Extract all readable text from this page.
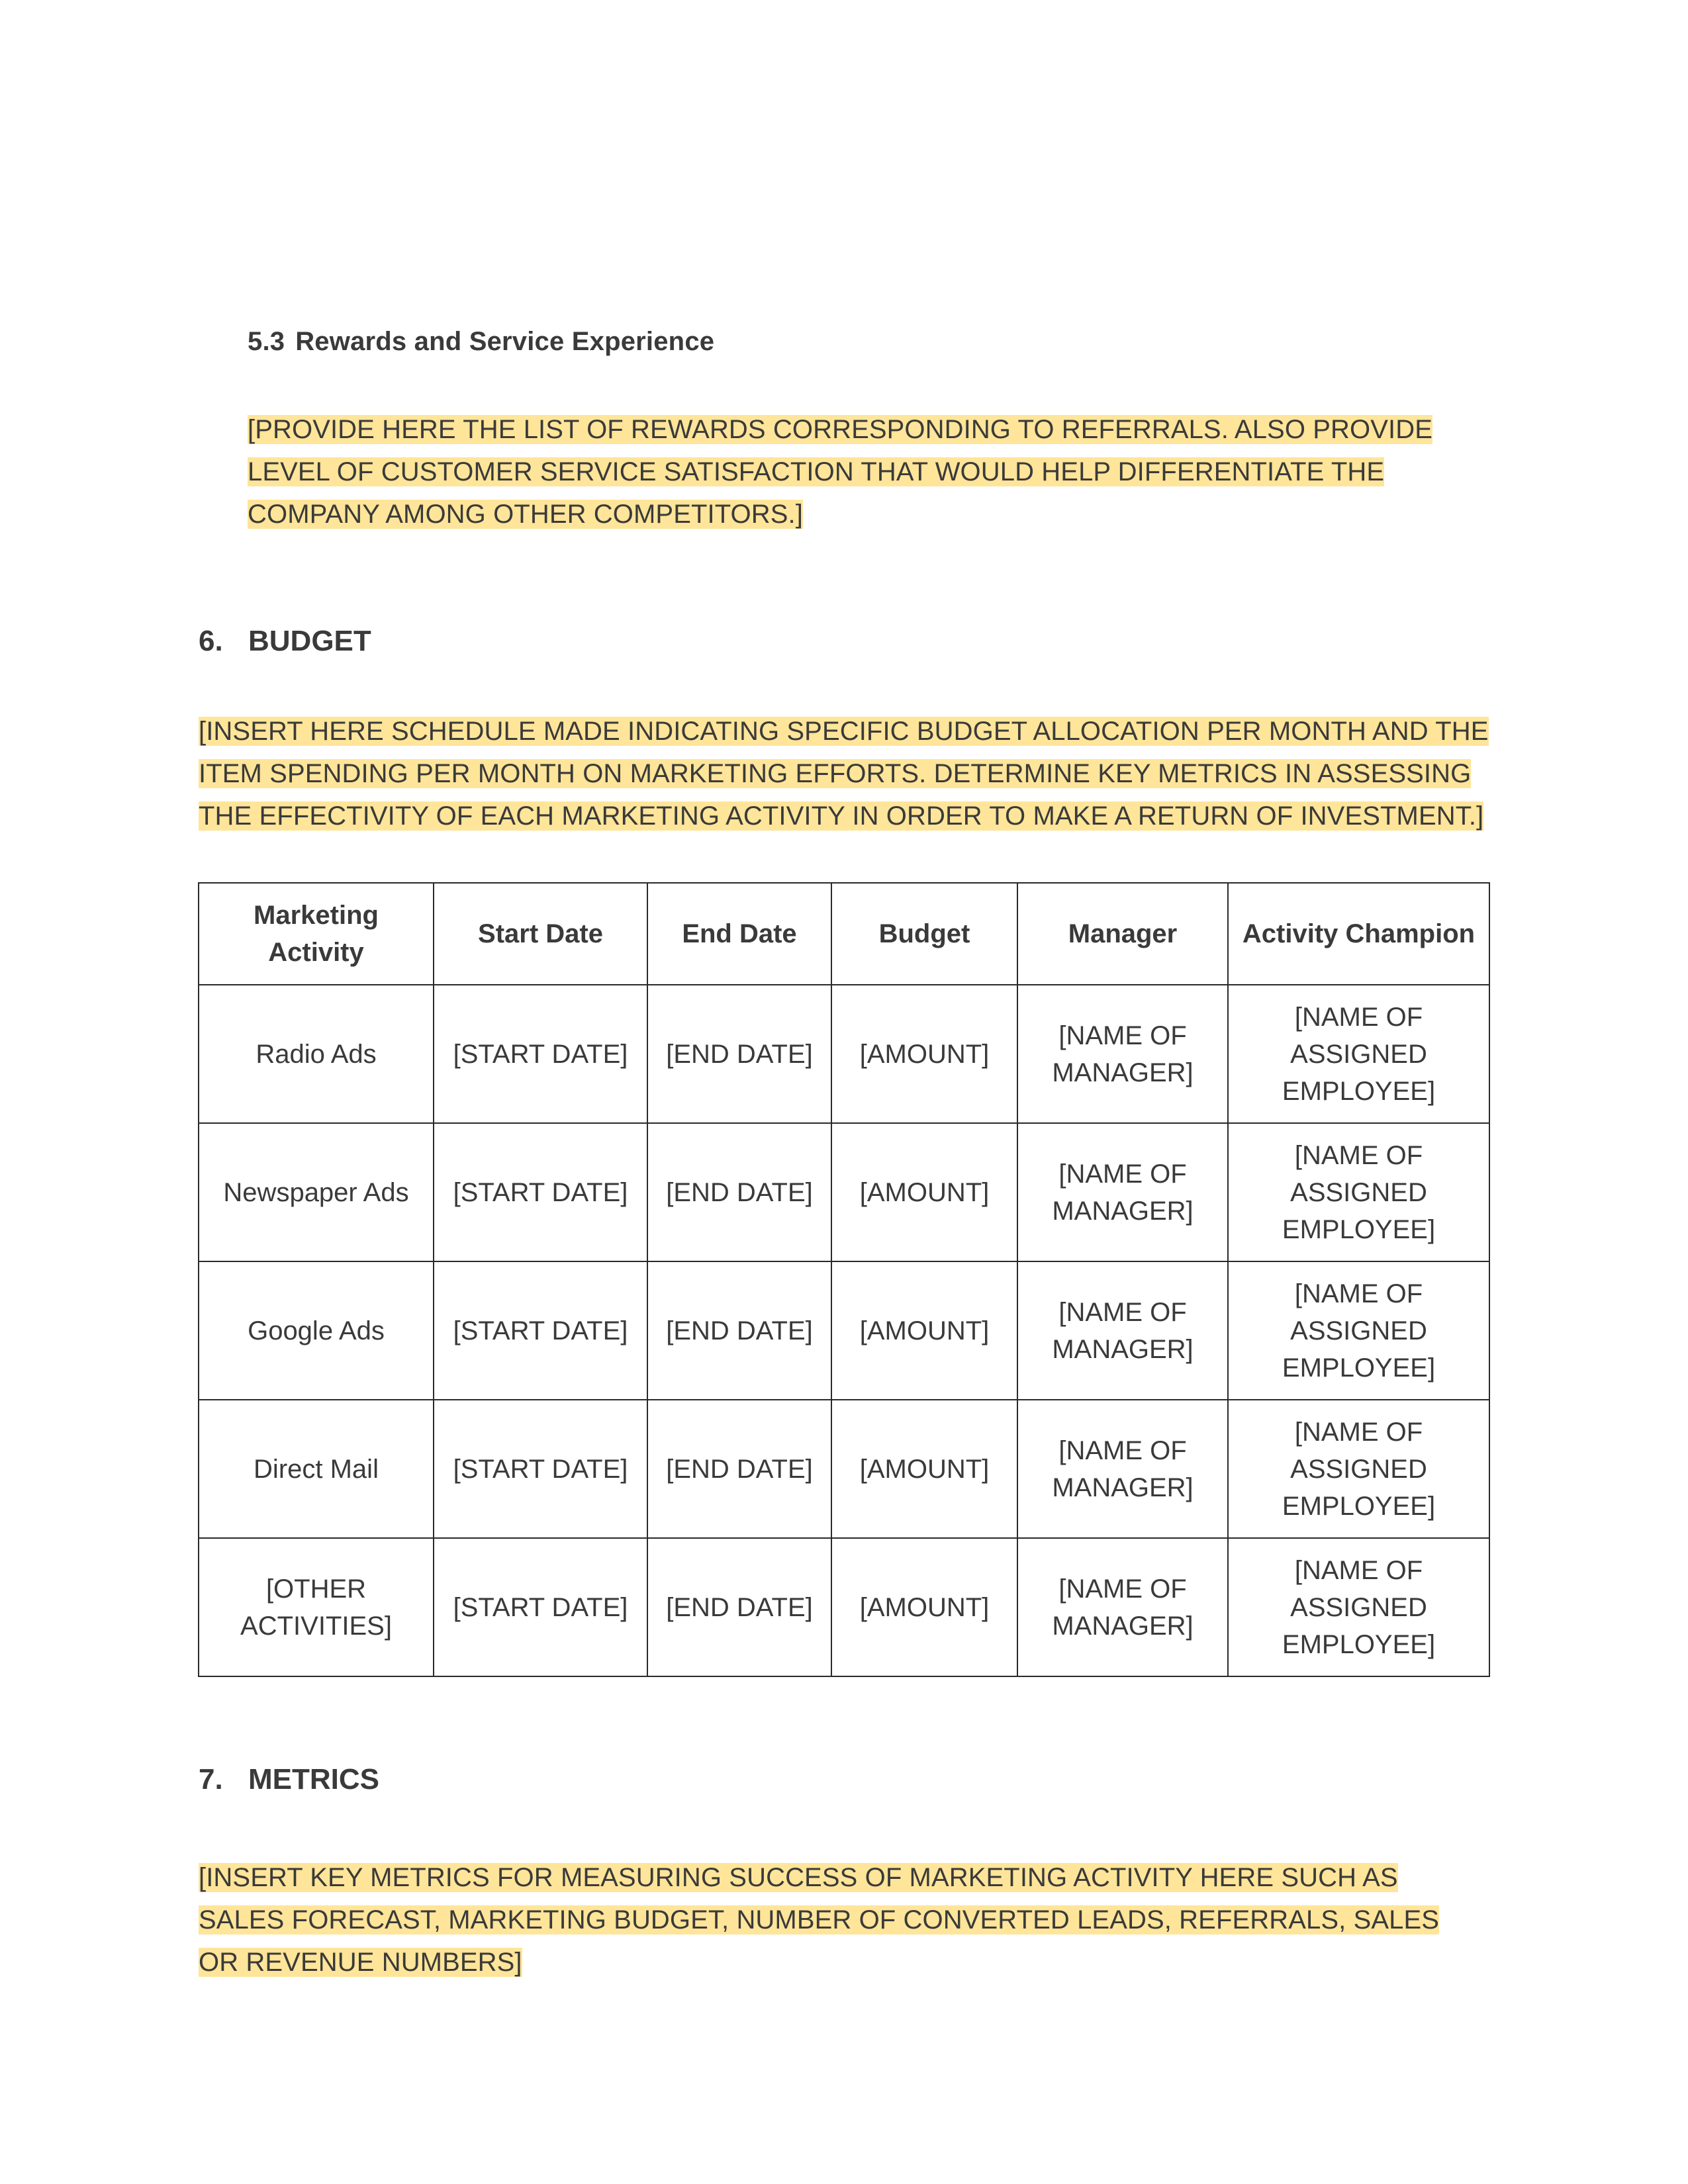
5.3 Rewards and Service Experience
[PROVIDE HERE THE LIST OF REWARDS CORRESPONDING TO REFERRALS. ALSO PROVIDE LEVEL OF CUSTOMER SERVICE SATISFACTION THAT WOULD HELP DIFFERENTIATE THE COMPANY AMONG OTHER COMPETITORS.]
6. BUDGET
[INSERT HERE SCHEDULE MADE INDICATING SPECIFIC BUDGET ALLOCATION PER MONTH AND THE ITEM SPENDING PER MONTH ON MARKETING EFFORTS. DETERMINE KEY METRICS IN ASSESSING THE EFFECTIVITY OF EACH MARKETING ACTIVITY IN ORDER TO MAKE A RETURN OF INVESTMENT.]
Marketing Activity	Start Date	End Date	Budget	Manager	Activity Champion
Radio Ads	[START DATE]	[END DATE]	[AMOUNT]	[NAME OF MANAGER]	[NAME OF ASSIGNED EMPLOYEE]
Newspaper Ads	[START DATE]	[END DATE]	[AMOUNT]	[NAME OF MANAGER]	[NAME OF ASSIGNED EMPLOYEE]
Google Ads	[START DATE]	[END DATE]	[AMOUNT]	[NAME OF MANAGER]	[NAME OF ASSIGNED EMPLOYEE]
Direct Mail	[START DATE]	[END DATE]	[AMOUNT]	[NAME OF MANAGER]	[NAME OF ASSIGNED EMPLOYEE]
[OTHER ACTIVITIES]	[START DATE]	[END DATE]	[AMOUNT]	[NAME OF MANAGER]	[NAME OF ASSIGNED EMPLOYEE]
7. METRICS
[INSERT KEY METRICS FOR MEASURING SUCCESS OF MARKETING ACTIVITY HERE SUCH AS SALES FORECAST, MARKETING BUDGET, NUMBER OF CONVERTED LEADS, REFERRALS, SALES OR REVENUE NUMBERS]
